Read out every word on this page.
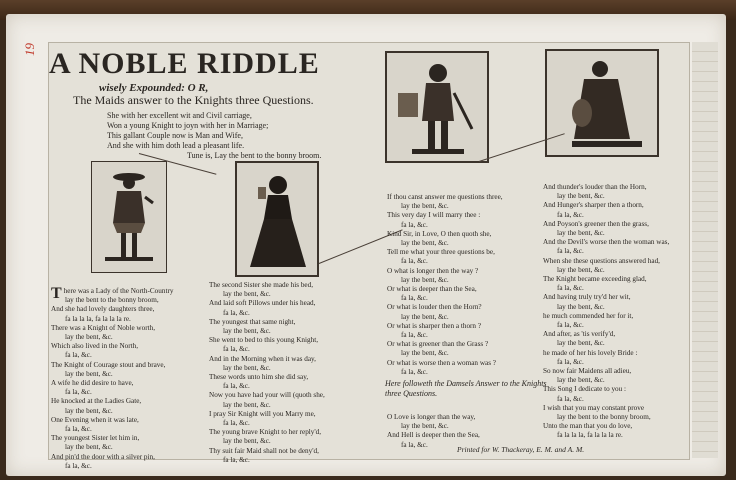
19 A NOBLE RIDDLE
wisely Expounded: O R,
The Maids answer to the Knights three Questions.
She with her excellent wit and Civil carriage,
Won a young Knight to joyn with her in Marriage;
This gallant Couple now is Man and Wife,
And she with him doth lead a pleasant life.
Tune is, Lay the bent to the bonny broom.
There was a Lady of the North-Country
lay the bent to the bonny broom,
And she had lovely daughters three,
fa la la la, fa la la la re.
There was a Knight of Noble worth,
lay the bent, &c.
Which also lived in the North,
fa la, &c.
The Knight of Courage stout and brave,
lay the bent, &c.
A wife he did desire to have,
fa la, &c.
He knocked at the Ladies Gate,
lay the bent, &c.
One Evening when it was late,
fa la, &c.
The youngest Sister let him in,
lay the bent, &c.
And pin'd the door with a silver pin,
fa la, &c.
The second Sister she made his bed,
lay the bent, &c.
And laid soft Pillows under his head,
fa la, &c.
The youngest that same night,
lay the bent, &c.
She went to bed to this young Knight,
fa la, &c.
And in the Morning when it was day,
lay the bent, &c.
These words unto him she did say,
fa la, &c.
Now you have had your will (quoth she,
lay the bent, &c.
I pray Sir Knight will you Marry me,
fa la, &c.
The young brave Knight to her reply'd,
lay the bent, &c.
Thy suit fair Maid shall not be deny'd,
fa la, &c.
If thou canst answer me questions three,
lay the bent, &c.
This very day I will marry thee :
fa la, &c.
Kind Sir, in Love, O then quoth she,
lay the bent, &c.
Tell me what your three questions be,
fa la, &c.
O what is longer then the way ?
lay the bent, &c.
Or what is deeper than the Sea,
fa la, &c.
Or what is louder then the Horn?
lay the bent, &c.
Or what is sharper then a thorn ?
fa la, &c.
Or what is greener than the Grass ?
lay the bent, &c.
Or what is worse then a woman was ?
fa la, &c.
Here followeth the Damsels Answer to the Knights three Questions.
O Love is longer than the way,
lay the bent, &c.
And Hell is deeper then the Sea,
fa la, &c.
And thunder's louder than the Horn,
lay the bent, &c.
And Hunger's sharper then a thorn,
fa la, &c.
And Poyson's greener then the grass,
lay the bent, &c.
And the Devil's worse then the woman was,
fa la, &c.
When she these questions answered had,
lay the bent, &c.
The Knight became exceeding glad,
fa la, &c.
And having truly try'd her wit,
lay the bent, &c.
he much commended her for it,
fa la, &c.
And after, as 'tis verify'd,
lay the bent, &c.
he made of her his lovely Bride :
fa la, &c.
So now fair Maidens all adieu,
lay the bent, &c.
This Song I dedicate to you :
fa la, &c.
I wish that you may constant prove
lay the bent to the bonny broom,
Unto the man that you do love,
fa la la la, fa la la la re.
Printed for W. Thackeray, E. M. and A. M.
